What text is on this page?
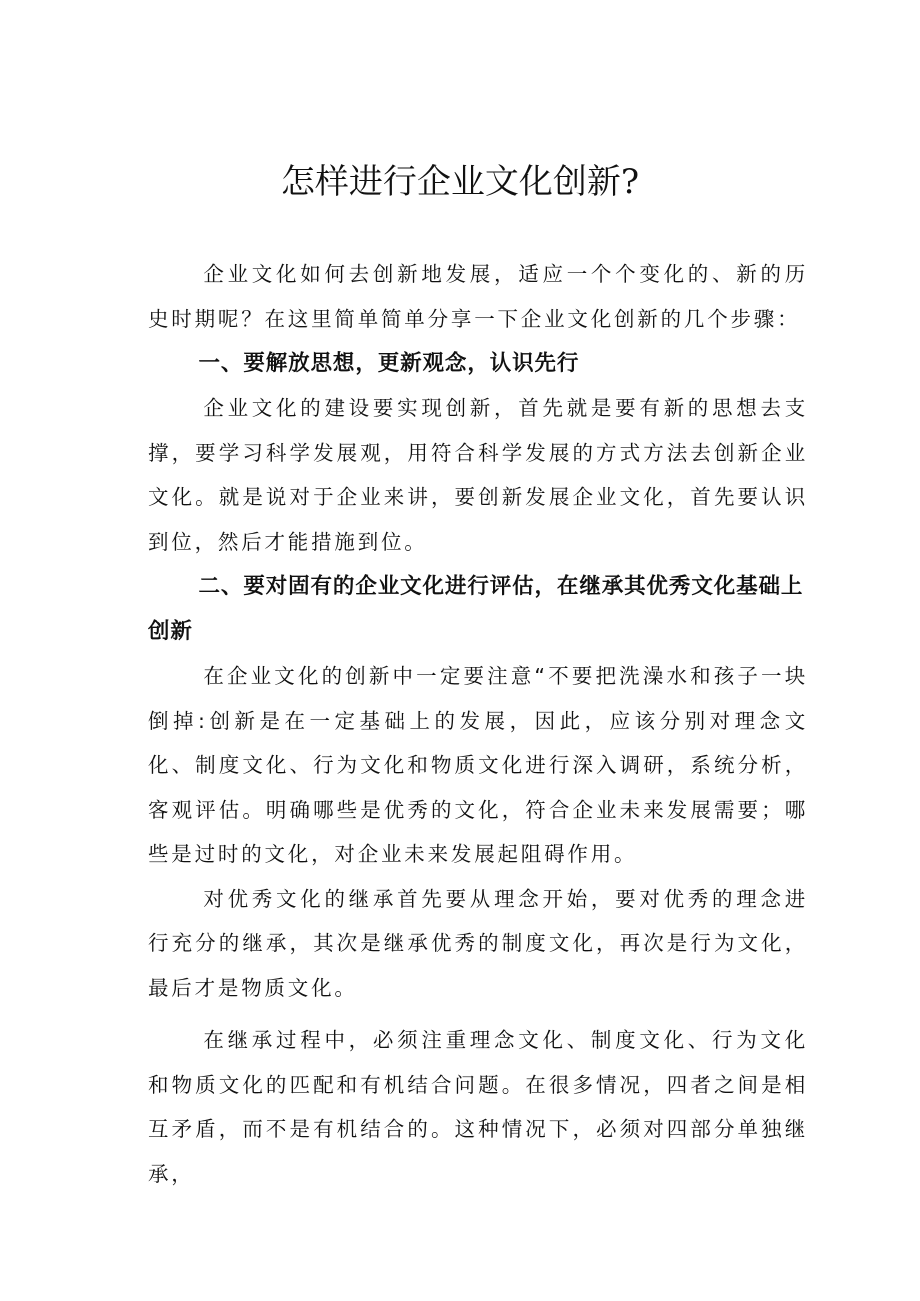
怎样进行企业文化创新?

企业文化如何去创新地发展，适应一个个变化的、新的历史时期呢？在这里简单简单分享一下企业文化创新的几个步骤：

一、要解放思想，更新观念，认识先行

企业文化的建设要实现创新，首先就是要有新的思想去支撑，要学习科学发展观，用符合科学发展的方式方法去创新企业文化。就是说对于企业来讲，要创新发展企业文化，首先要认识到位，然后才能措施到位。

二、要对固有的企业文化进行评估，在继承其优秀文化基础上创新

在企业文化的创新中一定要注意“不要把洗澡水和孩子一块倒掉:创新是在一定基础上的发展，因此，应该分别对理念文化、制度文化、行为文化和物质文化进行深入调研，系统分析，客观评估。明确哪些是优秀的文化，符合企业未来发展需要；哪些是过时的文化，对企业未来发展起阻碍作用。

对优秀文化的继承首先要从理念开始，要对优秀的理念进行充分的继承，其次是继承优秀的制度文化，再次是行为文化，最后才是物质文化。

在继承过程中，必须注重理念文化、制度文化、行为文化和物质文化的匹配和有机结合问题。在很多情况，四者之间是相互矛盾，而不是有机结合的。这种情况下，必须对四部分单独继承，
